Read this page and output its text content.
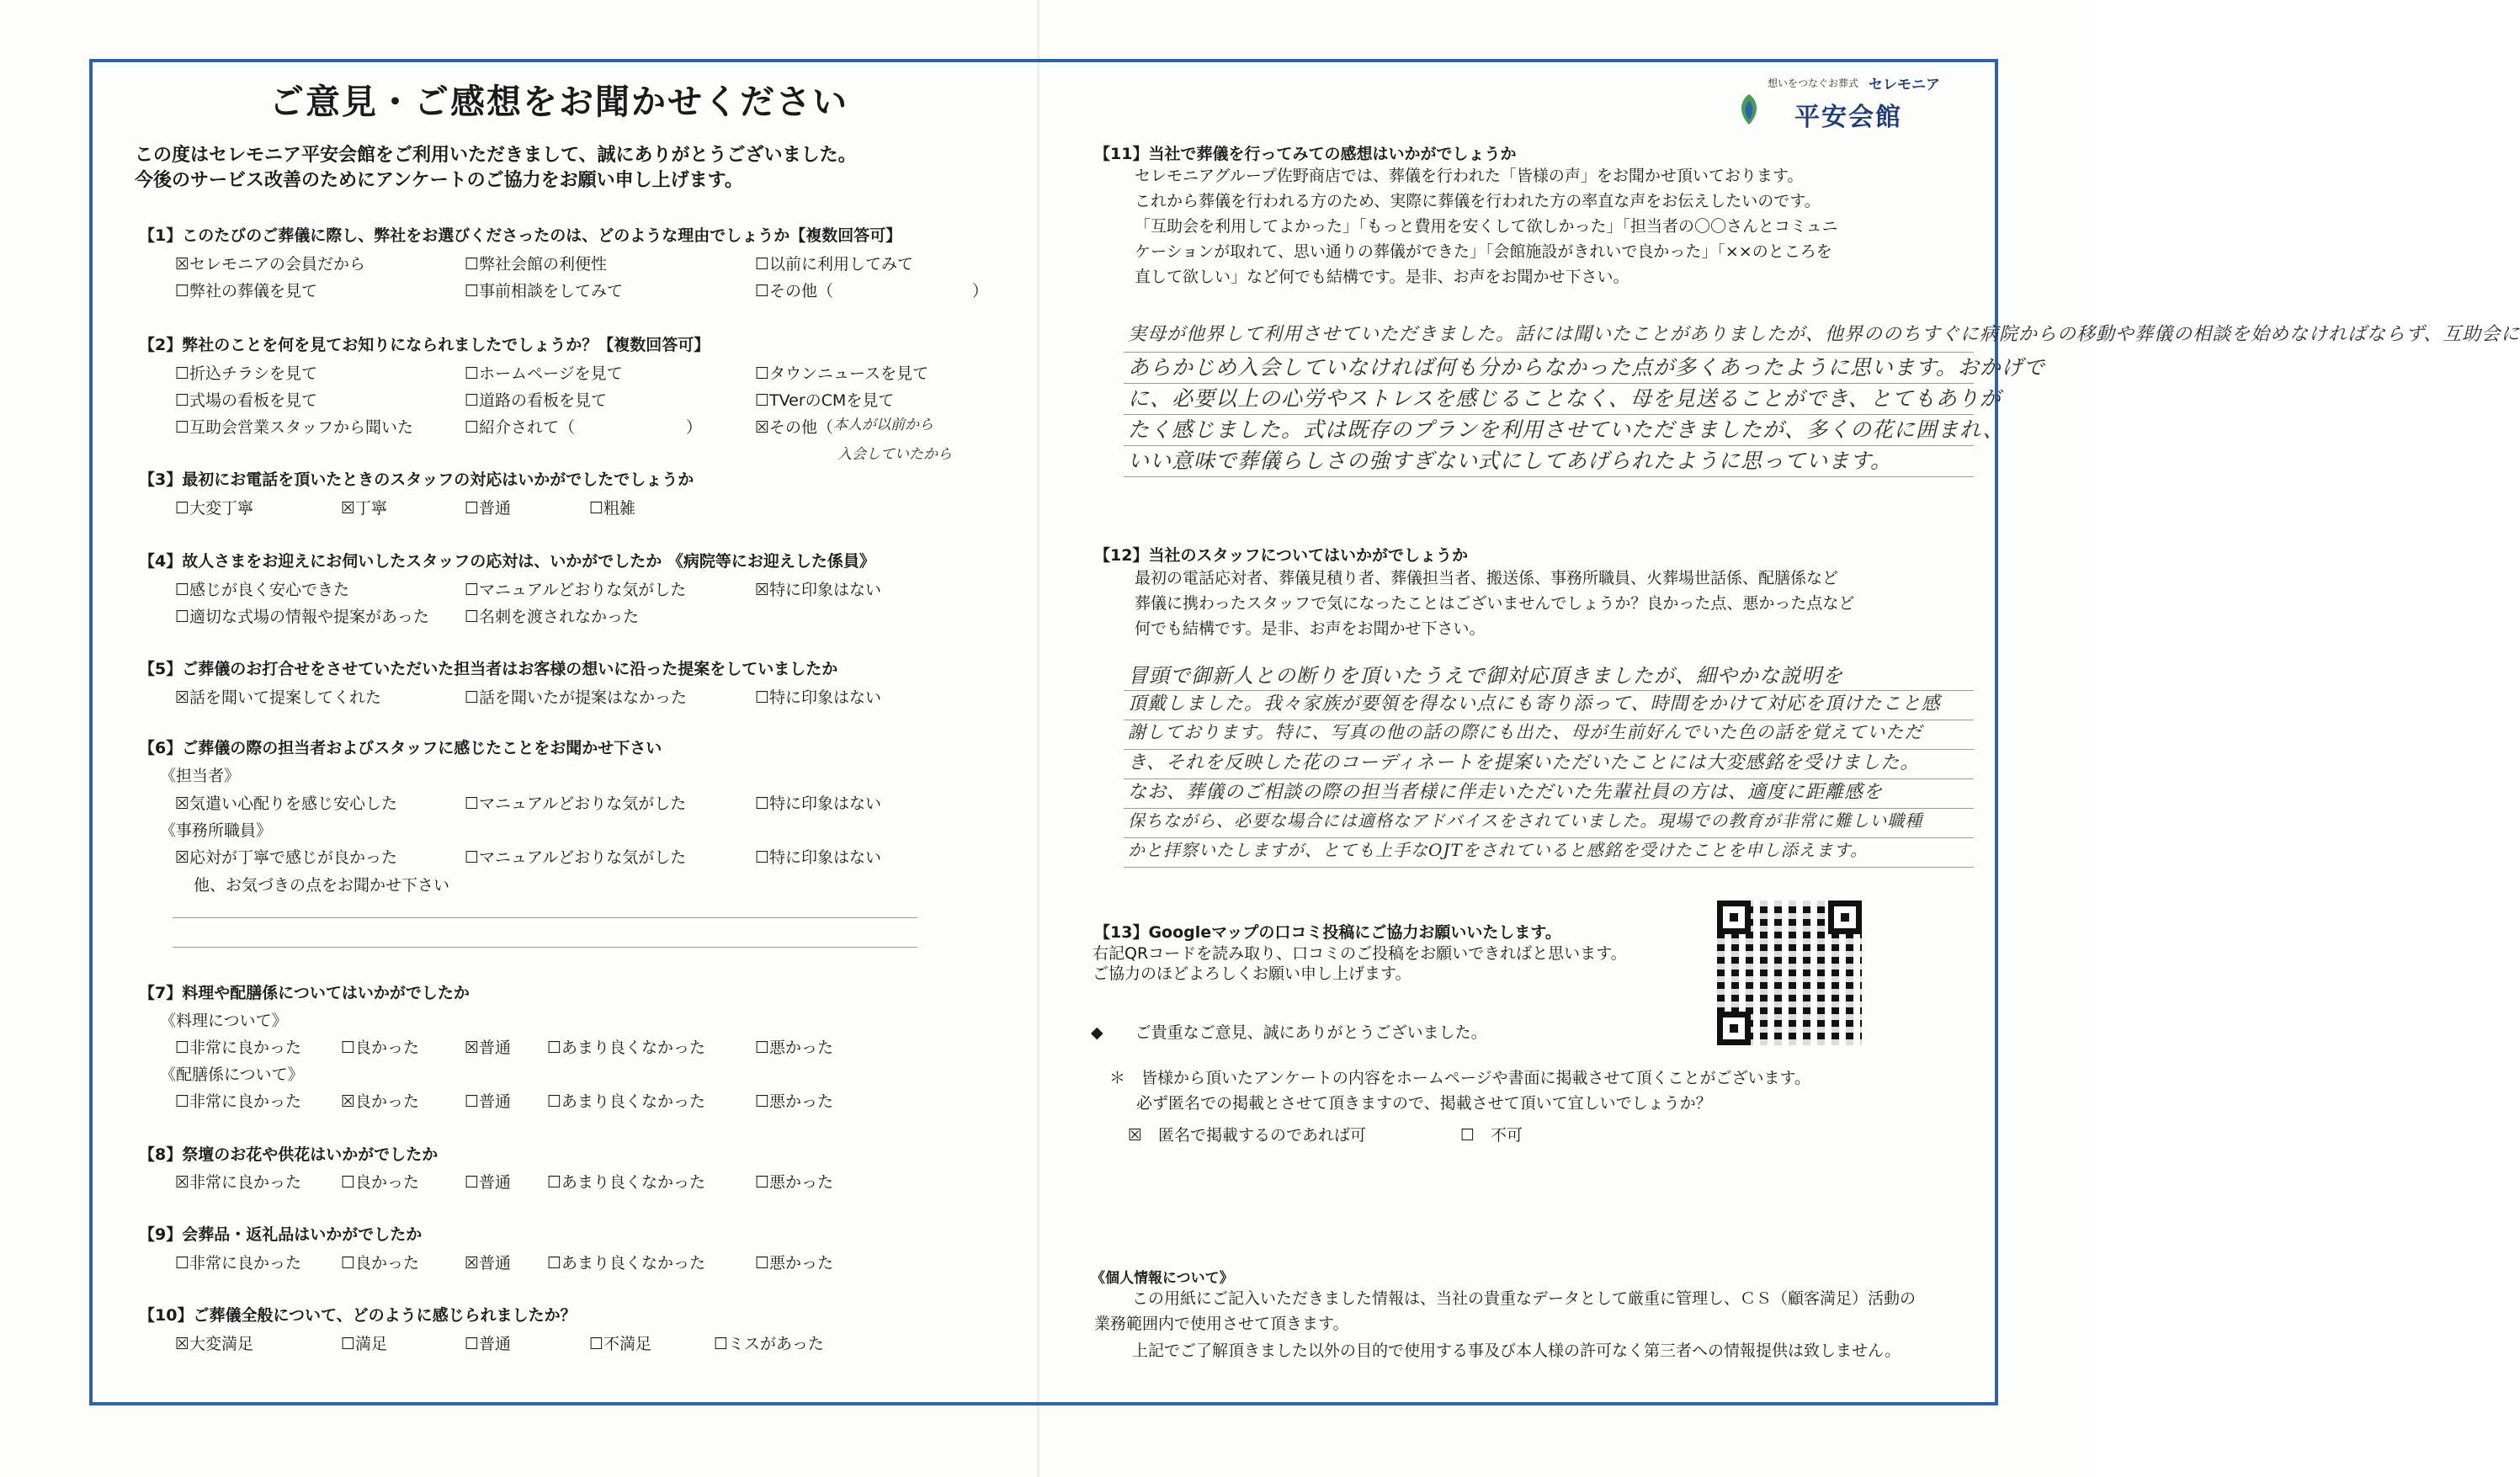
ご意見・ご感想をお聞かせください
この度はセレモニア平安会館をご利用いただきまして、誠にありがとうございました。
今後のサービス改善のためにアンケートのご協力をお願い申し上げます。
【1】このたびのご葬儀に際し、弊社をお選びくださったのは、どのような理由でしょうか【複数回答可】
☒セレモニアの会員だから	☐弊社会館の利便性	☐以前に利用してみて
☐弊社の葬儀を見て	☐事前相談をしてみて	☐その他（	）
【2】弊社のことを何を見てお知りになられましたでしょうか？【複数回答可】
☐折込チラシを見て	☐ホームページを見て	☐タウンニュースを見て
☐式場の看板を見て	☐道路の看板を見て	☐TVerのCMを見て
☐互助会営業スタッフから聞いた	☐紹介されて（	）	☒その他（ 本人が以前から
入会していたから
【3】最初にお電話を頂いたときのスタッフの対応はいかがでしたでしょうか
☐大変丁寧	☒丁寧	☐普通	☐粗雑
【4】故人さまをお迎えにお伺いしたスタッフの応対は、いかがでしたか 《病院等にお迎えした係員》
☐感じが良く安心できた	☐マニュアルどおりな気がした	☒特に印象はない
☐適切な式場の情報や提案があった ☐名刺を渡されなかった
【5】ご葬儀のお打合せをさせていただいた担当者はお客様の想いに沿った提案をしていましたか
☒話を聞いて提案してくれた	☐話を聞いたが提案はなかった	☐特に印象はない
【6】ご葬儀の際の担当者およびスタッフに感じたことをお聞かせ下さい
《担当者》
☒気遣い心配りを感じ安心した	☐マニュアルどおりな気がした	☐特に印象はない
《事務所職員》
☒応対が丁寧で感じが良かった	☐マニュアルどおりな気がした	☐特に印象はない
他、お気づきの点をお聞かせ下さい
【7】料理や配膳係についてはいかがでしたか
《料理について》
☐非常に良かった ☐良かった	☒普通 ☐あまり良くなかった	☐悪かった
《配膳係について》
☐非常に良かった ☒良かった	☐普通 ☐あまり良くなかった	☐悪かった
【8】祭壇のお花や供花はいかがでしたか
☒非常に良かった ☐良かった	☐普通 ☐あまり良くなかった	☐悪かった
【9】会葬品・返礼品はいかがでしたか
☐非常に良かった ☐良かった	☒普通 ☐あまり良くなかった	☐悪かった
【10】ご葬儀全般について、どのように感じられましたか？
☒大変満足	☐満足	☐普通	☐不満足	☐ミスがあった
想いをつなぐお葬式 セレモニア
平安会館
【11】当社で葬儀を行ってみての感想はいかがでしょうか
セレモニアグループ佐野商店では、葬儀を行われた「皆様の声」をお聞かせ頂いております。
これから葬儀を行われる方のため、実際に葬儀を行われた方の率直な声をお伝えしたいのです。
「互助会を利用してよかった」「もっと費用を安くして欲しかった」「担当者の〇〇さんとコミュニ
ケーションが取れて、思い通りの葬儀ができた」「会館施設がきれいで良かった」「××のところを
直して欲しい」など何でも結構です。是非、お声をお聞かせ下さい。
実母が他界して利用させていただきました。話には聞いたことがありましたが、他界ののちすぐに病院からの移動や葬儀の相談を始めなければならず、互助会に
あらかじめ入会していなければ何も分からなかった点が多くあったように思います。おかげで
に、必要以上の心労やストレスを感じることなく、母を見送ることができ、とてもありが
たく感じました。式は既存のプランを利用させていただきましたが、多くの花に囲まれ、
いい意味で葬儀らしさの強すぎない式にしてあげられたように思っています。
【12】当社のスタッフについてはいかがでしょうか
最初の電話応対者、葬儀見積り者、葬儀担当者、搬送係、事務所職員、火葬場世話係、配膳係など
葬儀に携わったスタッフで気になったことはございませんでしょうか？良かった点、悪かった点など
何でも結構です。是非、お声をお聞かせ下さい。
冒頭で御新人との断りを頂いたうえで御対応頂きましたが、細やかな説明を
頂戴しました。我々家族が要領を得ない点にも寄り添って、時間をかけて対応を頂けたこと感
謝しております。特に、写真の他の話の際にも出た、母が生前好んでいた色の話を覚えていただ
き、それを反映した花のコーディネートを提案いただいたことには大変感銘を受けました。
なお、葬儀のご相談の際の担当者様に伴走いただいた先輩社員の方は、適度に距離感を
保ちながら、必要な場合には適格なアドバイスをされていました。現場での教育が非常に難しい職種
かと拝察いたしますが、とても上手なOJTをされていると感銘を受けたことを申し添えます。
【13】Googleマップの口コミ投稿にご協力お願いいたします。
右記QRコードを読み取り、口コミのご投稿をお願いできればと思います。
ご協力のほどよろしくお願い申し上げます。
◆　　ご貴重なご意見、誠にありがとうございました。
＊　皆様から頂いたアンケートの内容をホームページや書面に掲載させて頂くことがございます。
必ず匿名での掲載とさせて頂きますので、掲載させて頂いて宜しいでしょうか？
☒　匿名で掲載するのであれば可	☐　不可
《個人情報について》
この用紙にご記入いただきました情報は、当社の貴重なデータとして厳重に管理し、ＣＳ（顧客満足）活動の
業務範囲内で使用させて頂きます。
上記でご了解頂きました以外の目的で使用する事及び本人様の許可なく第三者への情報提供は致しません。
